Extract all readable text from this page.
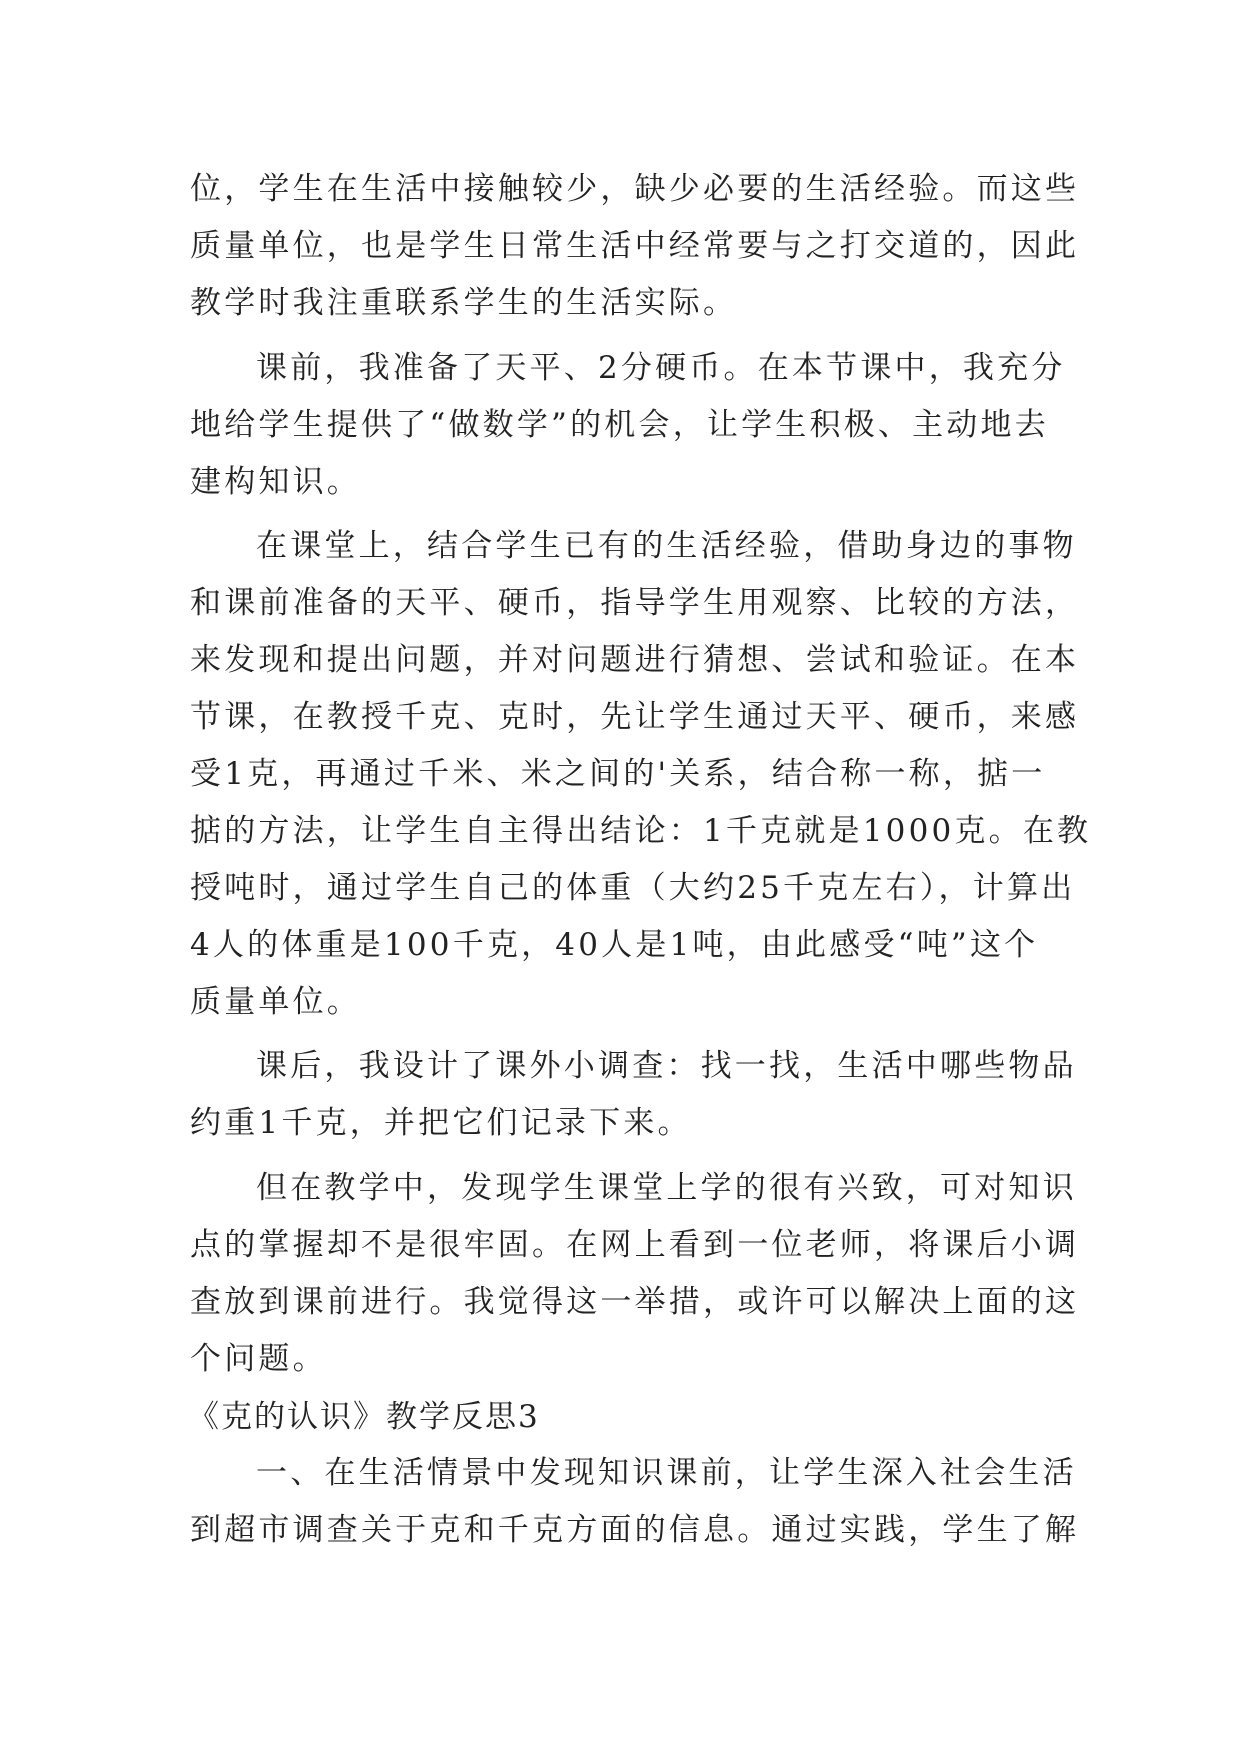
位，学生在生活中接触较少，缺少必要的生活经验。而这些
质量单位，也是学生日常生活中经常要与之打交道的，因此
教学时我注重联系学生的生活实际。
课前，我准备了天平、2分硬币。在本节课中，我充分
地给学生提供了“做数学”的机会，让学生积极、主动地去
建构知识。
在课堂上，结合学生已有的生活经验，借助身边的事物
和课前准备的天平、硬币，指导学生用观察、比较的方法，
来发现和提出问题，并对问题进行猜想、尝试和验证。在本
节课，在教授千克、克时，先让学生通过天平、硬币，来感
受1克，再通过千米、米之间的'关系，结合称一称，掂一
掂的方法，让学生自主得出结论：1千克就是1000克。在教
授吨时，通过学生自己的体重（大约25千克左右），计算出
4人的体重是100千克，40人是1吨，由此感受“吨”这个
质量单位。
课后，我设计了课外小调查：找一找，生活中哪些物品
约重1千克，并把它们记录下来。
但在教学中，发现学生课堂上学的很有兴致，可对知识
点的掌握却不是很牢固。在网上看到一位老师，将课后小调
查放到课前进行。我觉得这一举措，或许可以解决上面的这
个问题。
《克的认识》教学反思3
一、在生活情景中发现知识课前，让学生深入社会生活
到超市调查关于克和千克方面的信息。通过实践，学生了解
